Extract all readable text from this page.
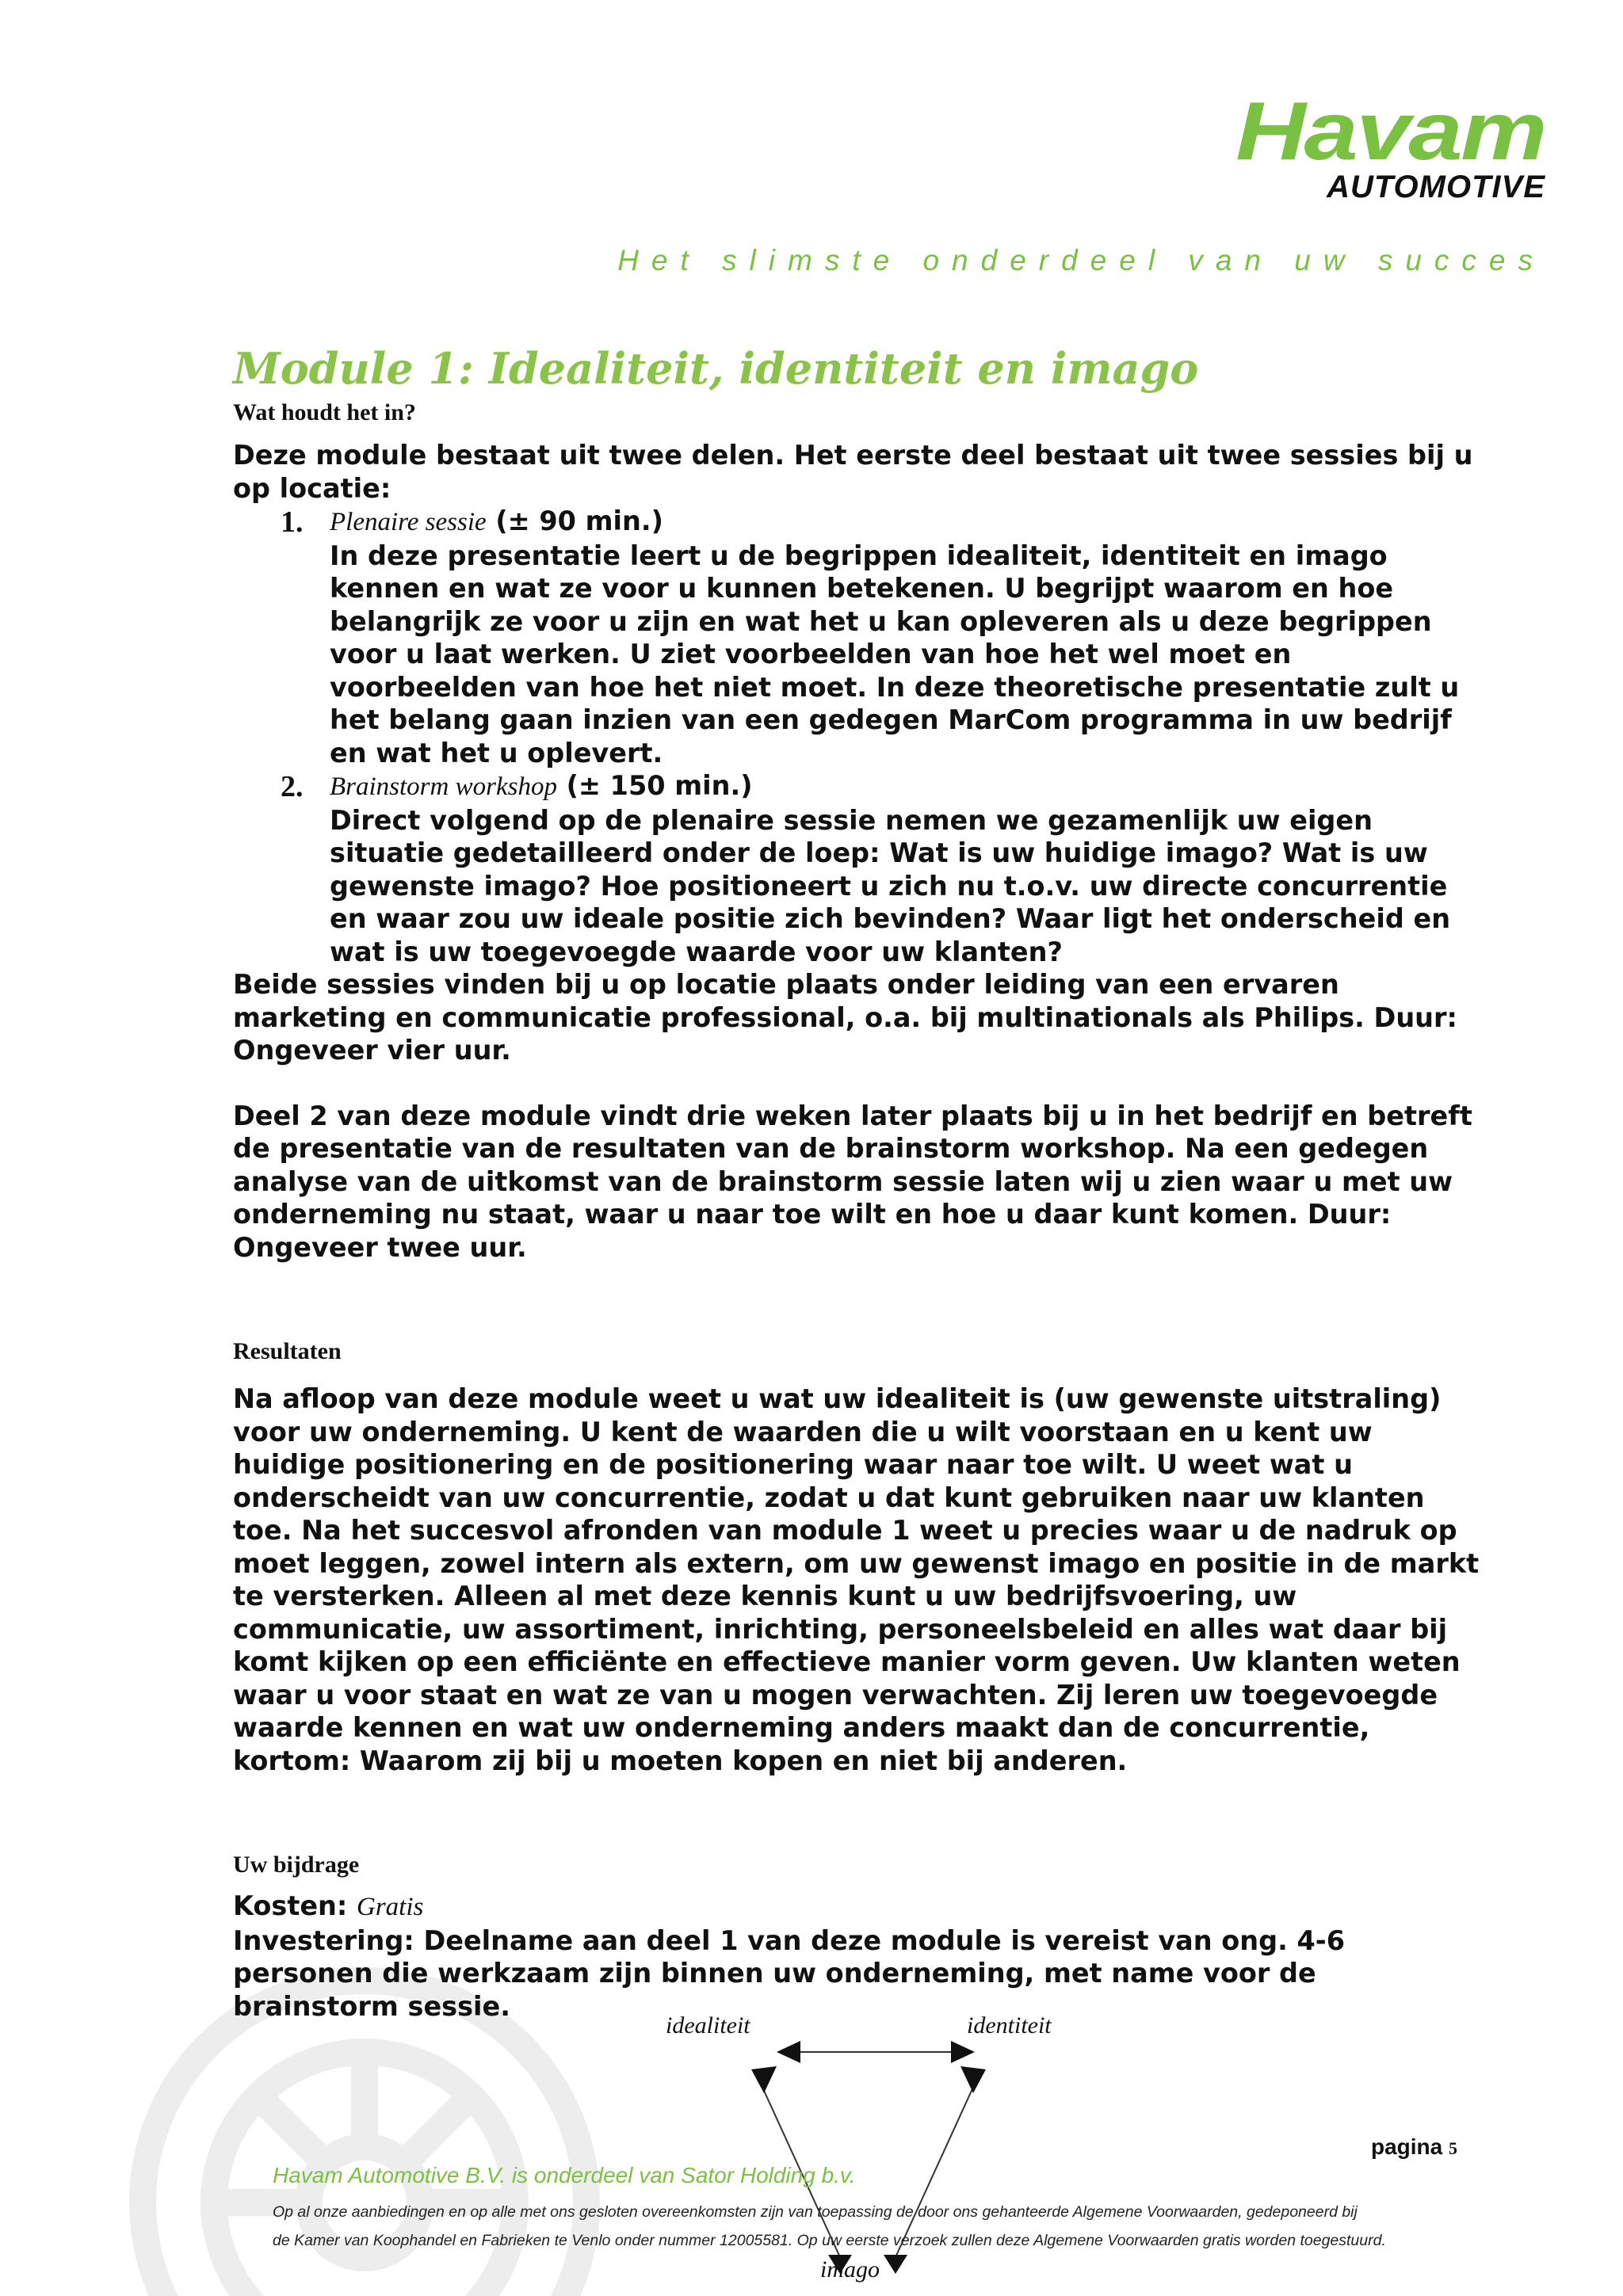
Havam
AUTOMOTIVE
Het slimste onderdeel van uw succes
Module 1: Idealiteit, identiteit en imago
Wat houdt het in?

Deze module bestaat uit twee delen. Het eerste deel bestaat uit twee sessies bij u op locatie:

1. Plenaire sessie (± 90 min.)

In deze presentatie leert u de begrippen idealiteit, identiteit en imago kennen en wat ze voor u kunnen betekenen. U begrijpt waarom en hoe belangrijk ze voor u zijn en wat het u kan opleveren als u deze begrippen voor u laat werken. U ziet voorbeelden van hoe het wel moet en voorbeelden van hoe het niet moet. In deze theoretische presentatie zult u het belang gaan inzien van een gedegen MarCom programma in uw bedrijf en wat het u oplevert.

2. Brainstorm workshop (± 150 min.)

Direct volgend op de plenaire sessie nemen we gezamenlijk uw eigen situatie gedetailleerd onder de loep: Wat is uw huidige imago? Wat is uw gewenste imago? Hoe positioneert u zich nu t.o.v. uw directe concurrentie en waar zou uw ideale positie zich bevinden? Waar ligt het onderscheid en wat is uw toegevoegde waarde voor uw klanten?

Beide sessies vinden bij u op locatie plaats onder leiding van een ervaren marketing en communicatie professional, o.a. bij multinationals als Philips. Duur: Ongeveer vier uur.

Deel 2 van deze module vindt drie weken later plaats bij u in het bedrijf en betreft de presentatie van de resultaten van de brainstorm workshop. Na een gedegen analyse van de uitkomst van de brainstorm sessie laten wij u zien waar u met uw onderneming nu staat, waar u naar toe wilt en hoe u daar kunt komen. Duur: Ongeveer twee uur.

Resultaten

Na afloop van deze module weet u wat uw idealiteit is (uw gewenste uitstraling) voor uw onderneming. U kent de waarden die u wilt voorstaan en u kent uw huidige positionering en de positionering waar naar toe wilt. U weet wat u onderscheidt van uw concurrentie, zodat u dat kunt gebruiken naar uw klanten toe. Na het succesvol afronden van module 1 weet u precies waar u de nadruk op moet leggen, zowel intern als extern, om uw gewenst imago en positie in de markt te versterken. Alleen al met deze kennis kunt u uw bedrijfsvoering, uw communicatie, uw assortiment, inrichting, personeelsbeleid en alles wat daar bij komt kijken op een efficiënte en effectieve manier vorm geven. Uw klanten weten waar u voor staat en wat ze van u mogen verwachten. Zij leren uw toegevoegde waarde kennen en wat uw onderneming anders maakt dan de concurrentie, kortom: Waarom zij bij u moeten kopen en niet bij anderen.

Uw bijdrage

Kosten: Gratis

Investering: Deelname aan deel 1 van deze module is vereist van ong. 4-6 personen die werkzaam zijn binnen uw onderneming, met name voor de brainstorm sessie.

idealiteit	identiteit
imago
pagina 5

Havam Automotive B.V. is onderdeel van Sator Holding b.v.

Op al onze aanbiedingen en op alle met ons gesloten overeenkomsten zijn van toepassing de door ons gehanteerde Algemene Voorwaarden, gedeponeerd bij

de Kamer van Koophandel en Fabrieken te Venlo onder nummer 12005581. Op uw eerste verzoek zullen deze Algemene Voorwaarden gratis worden toegestuurd.
